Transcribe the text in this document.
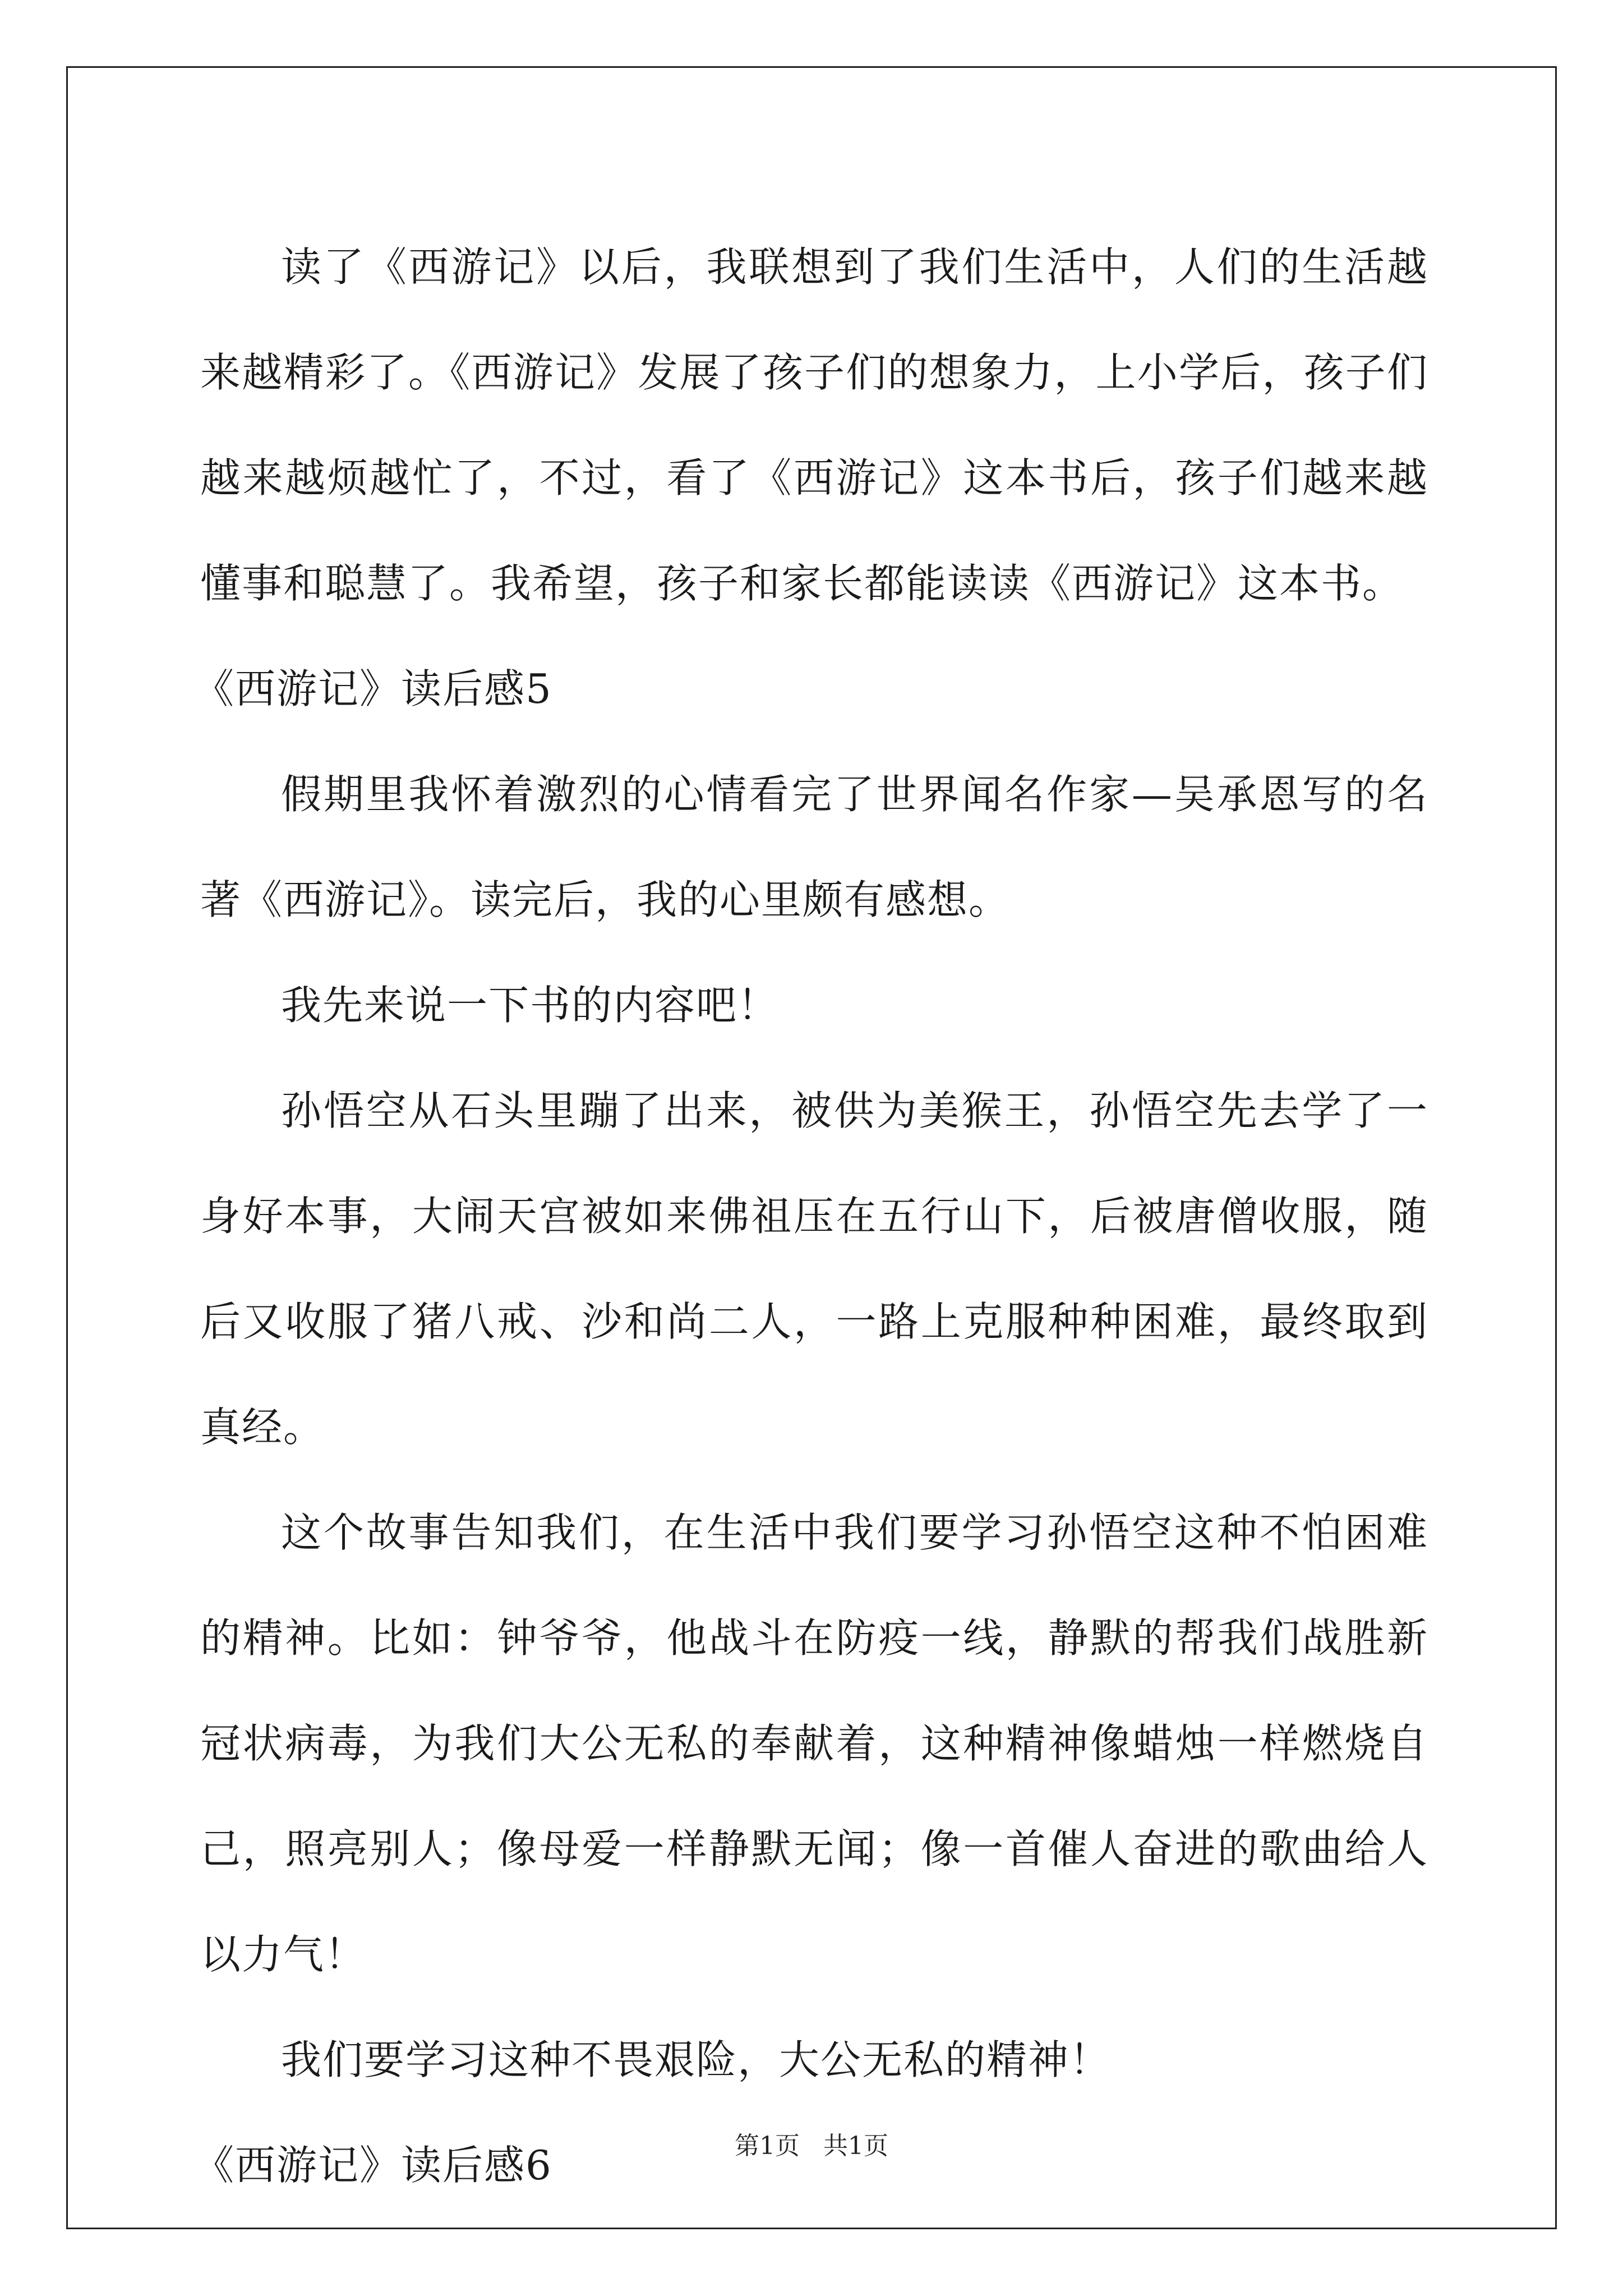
读了《西游记》以后，我联想到了我们生活中，人们的生活越来越精彩了。《西游记》发展了孩子们的想象力，上小学后，孩子们越来越烦越忙了，不过，看了《西游记》这本书后，孩子们越来越懂事和聪慧了。我希望，孩子和家长都能读读《西游记》这本书。

《西游记》读后感5

假期里我怀着激烈的心情看完了世界闻名作家—吴承恩写的名著《西游记》。读完后，我的心里颇有感想。

我先来说一下书的内容吧！

孙悟空从石头里蹦了出来，被供为美猴王，孙悟空先去学了一身好本事，大闹天宫被如来佛祖压在五行山下，后被唐僧收服，随后又收服了猪八戒、沙和尚二人，一路上克服种种困难，最终取到真经。

这个故事告知我们，在生活中我们要学习孙悟空这种不怕困难的精神。比如：钟爷爷，他战斗在防疫一线，静默的帮我们战胜新冠状病毒，为我们大公无私的奉献着，这种精神像蜡烛一样燃烧自己，照亮别人；像母爱一样静默无闻；像一首催人奋进的歌曲给人以力气！

我们要学习这种不畏艰险，大公无私的精神！

《西游记》读后感6	第1页 共1页
